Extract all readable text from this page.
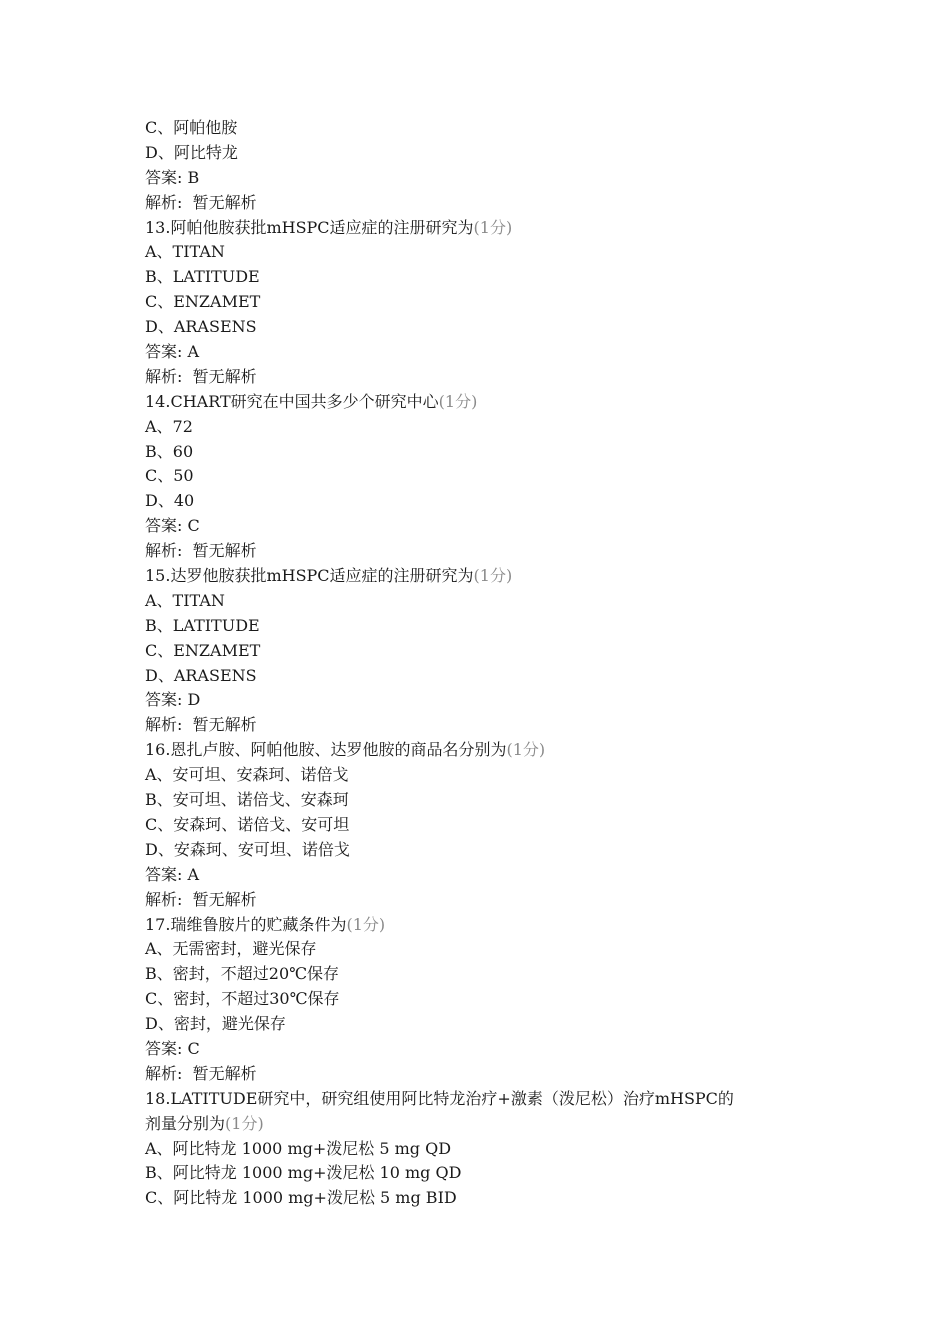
C、阿帕他胺
D、阿比特龙
答案: B
解析:  暂无解析
13.阿帕他胺获批mHSPC适应症的注册研究为(1分)
A、TITAN
B、LATITUDE
C、ENZAMET
D、ARASENS
答案: A
解析:  暂无解析
14.CHART研究在中国共多少个研究中心(1分)
A、72
B、60
C、50
D、40
答案: C
解析:  暂无解析
15.达罗他胺获批mHSPC适应症的注册研究为(1分)
A、TITAN
B、LATITUDE
C、ENZAMET
D、ARASENS
答案: D
解析:  暂无解析
16.恩扎卢胺、阿帕他胺、达罗他胺的商品名分别为(1分)
A、安可坦、安森珂、诺倍戈
B、安可坦、诺倍戈、安森珂
C、安森珂、诺倍戈、安可坦
D、安森珂、安可坦、诺倍戈
答案: A
解析:  暂无解析
17.瑞维鲁胺片的贮藏条件为(1分)
A、无需密封，避光保存
B、密封，不超过20℃保存
C、密封，不超过30℃保存
D、密封，避光保存
答案: C
解析:  暂无解析
18.LATITUDE研究中，研究组使用阿比特龙治疗+激素（泼尼松）治疗mHSPC的
剂量分别为(1分)
A、阿比特龙 1000 mg+泼尼松 5 mg QD
B、阿比特龙 1000 mg+泼尼松 10 mg QD
C、阿比特龙 1000 mg+泼尼松 5 mg BID
